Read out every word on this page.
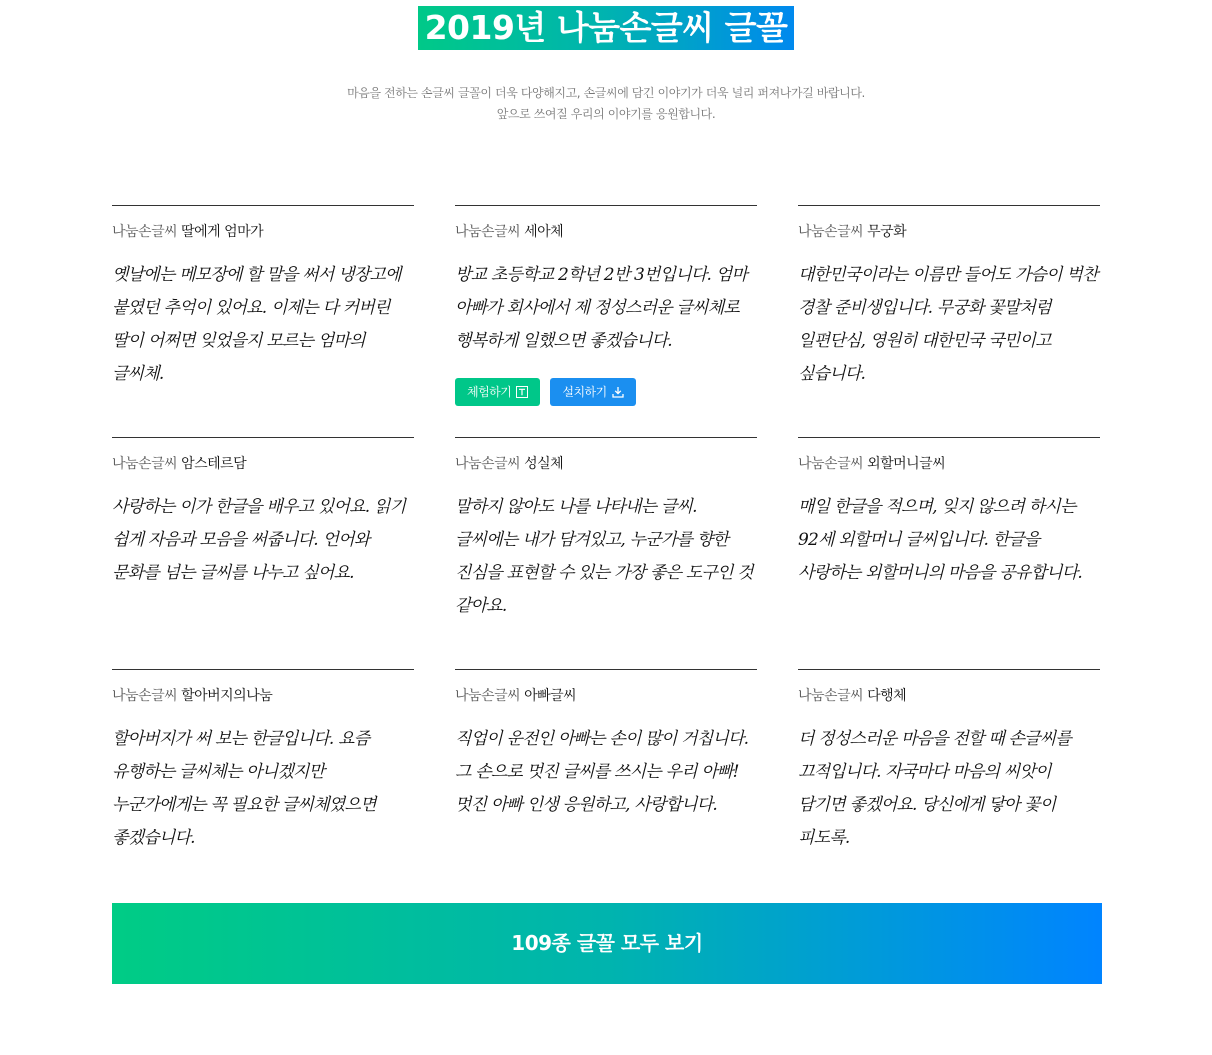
2019년 나눔손글씨 글꼴
마음을 전하는 손글씨 글꼴이 더욱 다양해지고, 손글씨에 담긴 이야기가 더욱 널리 퍼져나가길 바랍니다.
앞으로 쓰여질 우리의 이야기를 응원합니다.
나눔손글씨 딸에게 엄마가
옛날에는 메모장에 할 말을 써서 냉장고에 붙였던 추억이 있어요. 이제는 다 커버린 딸이 어쩌면 잊었을지 모르는 엄마의 글씨체.
나눔손글씨 세아체
방교 초등학교 2학년 2반 3번입니다. 엄마 아빠가 회사에서 제 정성스러운 글씨체로 행복하게 일했으면 좋겠습니다.
체험하기	설치하기
나눔손글씨 무궁화
대한민국이라는 이름만 들어도 가슴이 벅찬 경찰 준비생입니다. 무궁화 꽃말처럼 일편단심, 영원히 대한민국 국민이고 싶습니다.
나눔손글씨 암스테르담
사랑하는 이가 한글을 배우고 있어요. 읽기 쉽게 자음과 모음을 써줍니다. 언어와 문화를 넘는 글씨를 나누고 싶어요.
나눔손글씨 성실체
말하지 않아도 나를 나타내는 글씨. 글씨에는 내가 담겨있고, 누군가를 향한 진심을 표현할 수 있는 가장 좋은 도구인 것 같아요.
나눔손글씨 외할머니글씨
매일 한글을 적으며, 잊지 않으려 하시는 92세 외할머니 글씨입니다. 한글을 사랑하는 외할머니의 마음을 공유합니다.
나눔손글씨 할아버지의나눔
할아버지가 써 보는 한글입니다. 요즘 유행하는 글씨체는 아니겠지만 누군가에게는 꼭 필요한 글씨체였으면 좋겠습니다.
나눔손글씨 아빠글씨
직업이 운전인 아빠는 손이 많이 거칩니다. 그 손으로 멋진 글씨를 쓰시는 우리 아빠! 멋진 아빠 인생 응원하고, 사랑합니다.
나눔손글씨 다행체
더 정성스러운 마음을 전할 때 손글씨를 끄적입니다. 자국마다 마음의 씨앗이 담기면 좋겠어요. 당신에게 닿아 꽃이 피도록.
109종 글꼴 모두 보기
